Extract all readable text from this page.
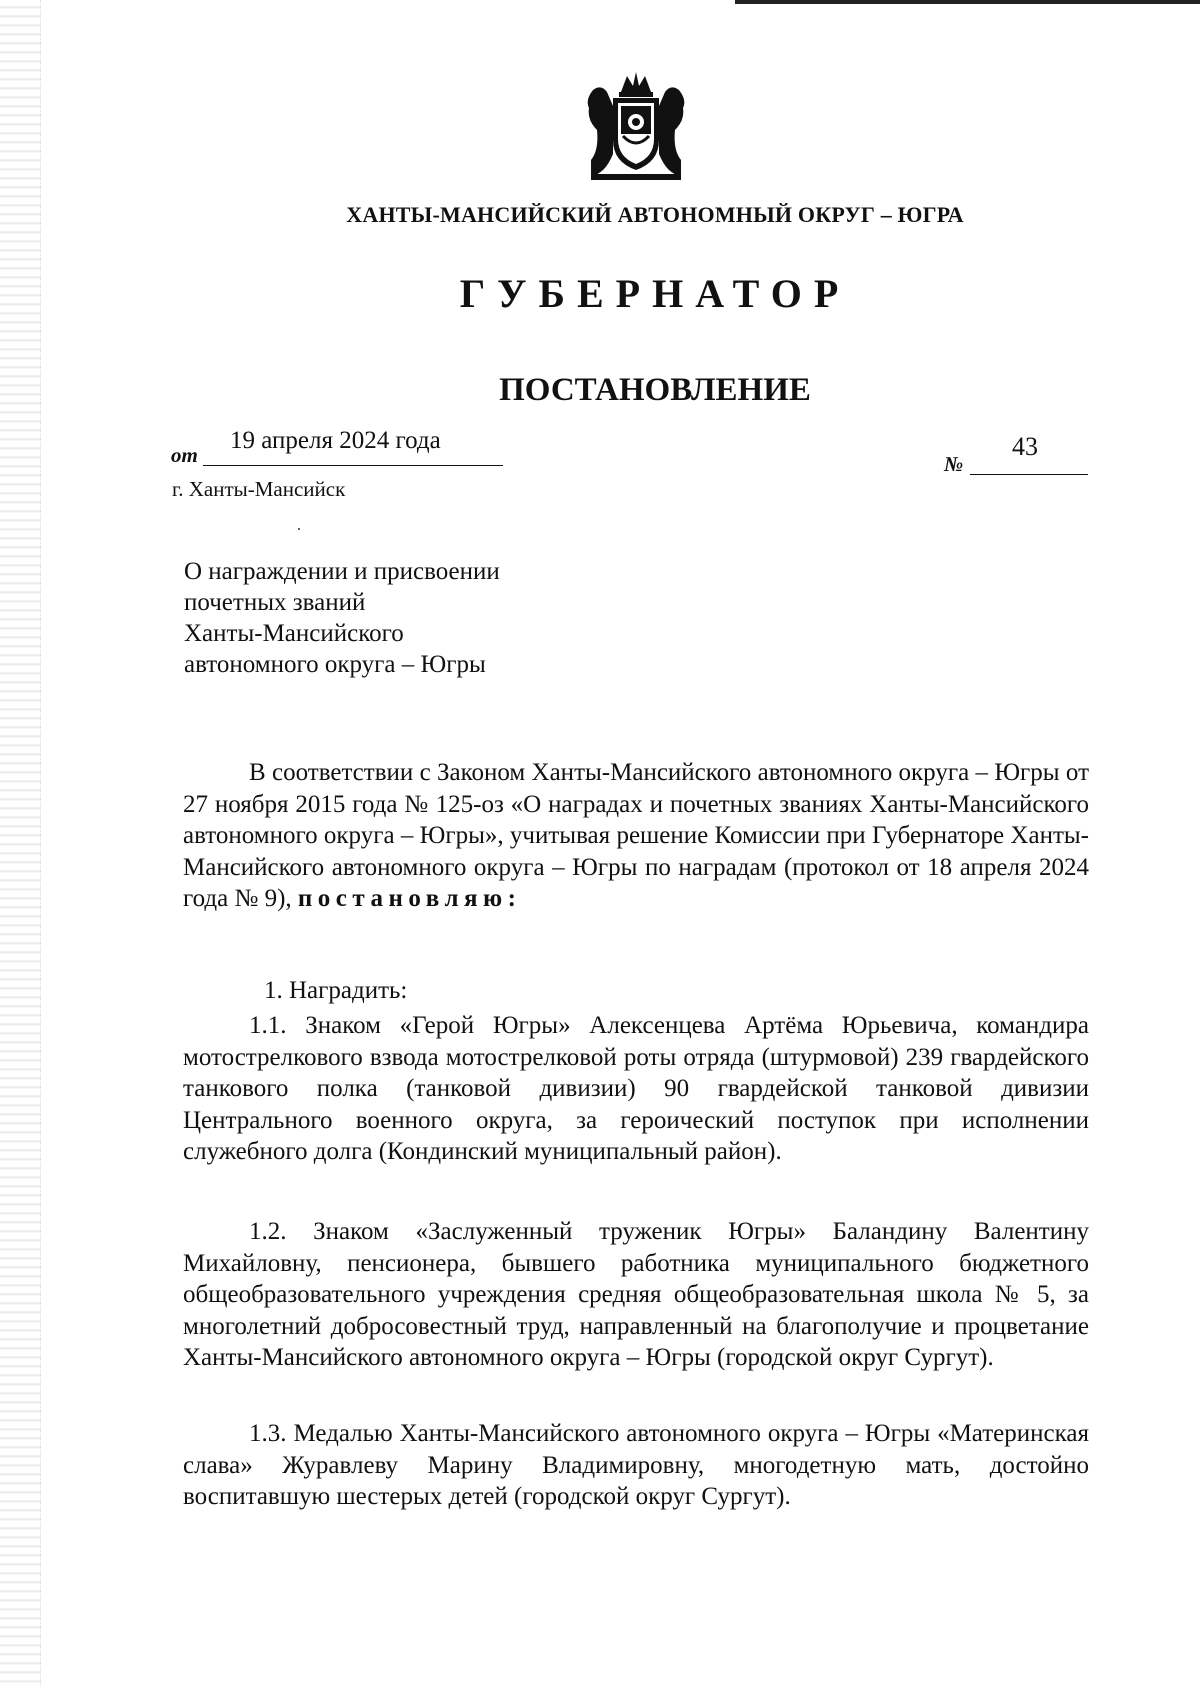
ХАНТЫ-МАНСИЙСКИЙ АВТОНОМНЫЙ ОКРУГ – ЮГРА
ГУБЕРНАТОР
ПОСТАНОВЛЕНИЕ
от
19 апреля 2024 года
№
43
г. Ханты-Мансийск
О награждении и присвоении
почетных званий
Ханты-Мансийского
автономного округа – Югры
В соответствии с Законом Ханты-Мансийского автономного округа – Югры от 27 ноября 2015 года № 125-оз «О наградах и почетных званиях Ханты-Мансийского автономного округа – Югры», учитывая решение Комиссии при Губернаторе Ханты-Мансийского автономного округа – Югры по наградам (протокол от 18 апреля 2024 года № 9), постановляю:
1. Наградить:
1.1. Знаком «Герой Югры» Алексенцева Артёма Юрьевича, командира мотострелкового взвода мотострелковой роты отряда (штурмовой) 239 гвардейского танкового полка (танковой дивизии) 90 гвардейской танковой дивизии Центрального военного округа, за героический поступок при исполнении служебного долга (Кондинский муниципальный район).
1.2. Знаком «Заслуженный труженик Югры» Баландину Валентину Михайловну, пенсионера, бывшего работника муниципального бюджетного общеобразовательного учреждения средняя общеобразовательная школа № 5, за многолетний добросовестный труд, направленный на благополучие и процветание Ханты-Мансийского автономного округа – Югры (городской округ Сургут).
1.3. Медалью Ханты-Мансийского автономного округа – Югры «Материнская слава» Журавлеву Марину Владимировну, многодетную мать, достойно воспитавшую шестерых детей (городской округ Сургут).
